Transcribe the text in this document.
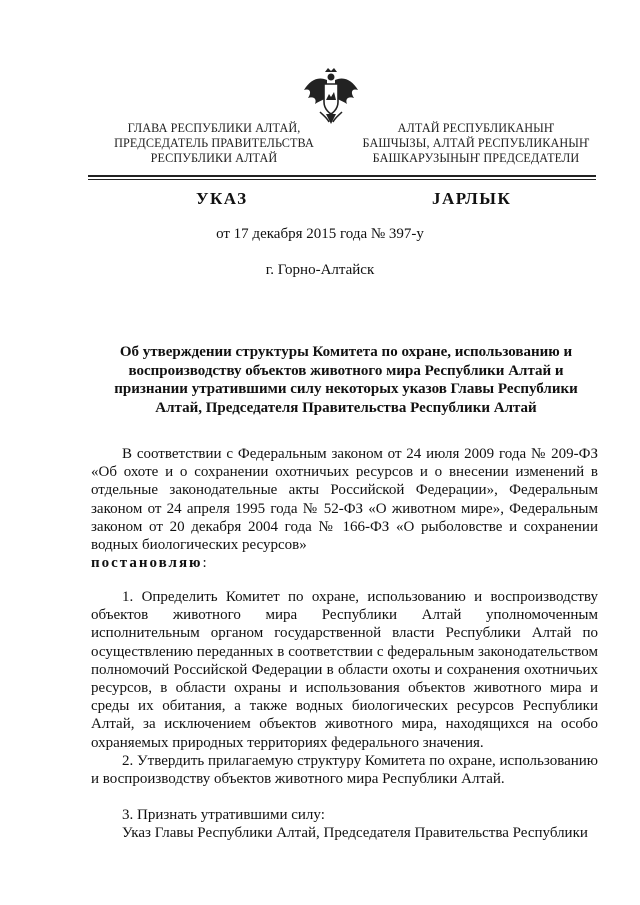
ГЛАВА РЕСПУБЛИКИ АЛТАЙ,
ПРЕДСЕДАТЕЛЬ ПРАВИТЕЛЬСТВА
РЕСПУБЛИКИ АЛТАЙ
АЛТАЙ РЕСПУБЛИКАНЫҤ
БАШЧЫЗЫ, АЛТАЙ РЕСПУБЛИКАНЫҤ
БАШКАРУЗЫНЫҤ ПРЕДСЕДАТЕЛИ
УКАЗ	JАРЛЫК
от 17 декабря 2015 года № 397-у
г. Горно-Алтайск
Об утверждении структуры Комитета по охране, использованию и воспроизводству объектов животного мира Республики Алтай и признании утратившими силу некоторых указов Главы Республики Алтай, Председателя Правительства Республики Алтай

В соответствии с Федеральным законом от 24 июля 2009 года № 209-ФЗ «Об охоте и о сохранении охотничьих ресурсов и о внесении изменений в отдельные законодательные акты Российской Федерации», Федеральным законом от 24 апреля 1995 года № 52-ФЗ «О животном мире», Федеральным законом от 20 декабря 2004 года № 166-ФЗ «О рыболовстве и сохранении водных биологических ресурсов»
постановляю:

1. Определить Комитет по охране, использованию и воспроизводству объектов животного мира Республики Алтай уполномоченным исполнительным органом государственной власти Республики Алтай по осуществлению переданных в соответствии с федеральным законодательством полномочий Российской Федерации в области охоты и сохранения охотничьих ресурсов, в области охраны и использования объектов животного мира и среды их обитания, а также водных биологических ресурсов Республики Алтай, за исключением объектов животного мира, находящихся на особо охраняемых природных территориях федерального значения.

2. Утвердить прилагаемую структуру Комитета по охране, использованию и воспроизводству объектов животного мира Республики Алтай.

3. Признать утратившими силу:

Указ Главы Республики Алтай, Председателя Правительства Республики
